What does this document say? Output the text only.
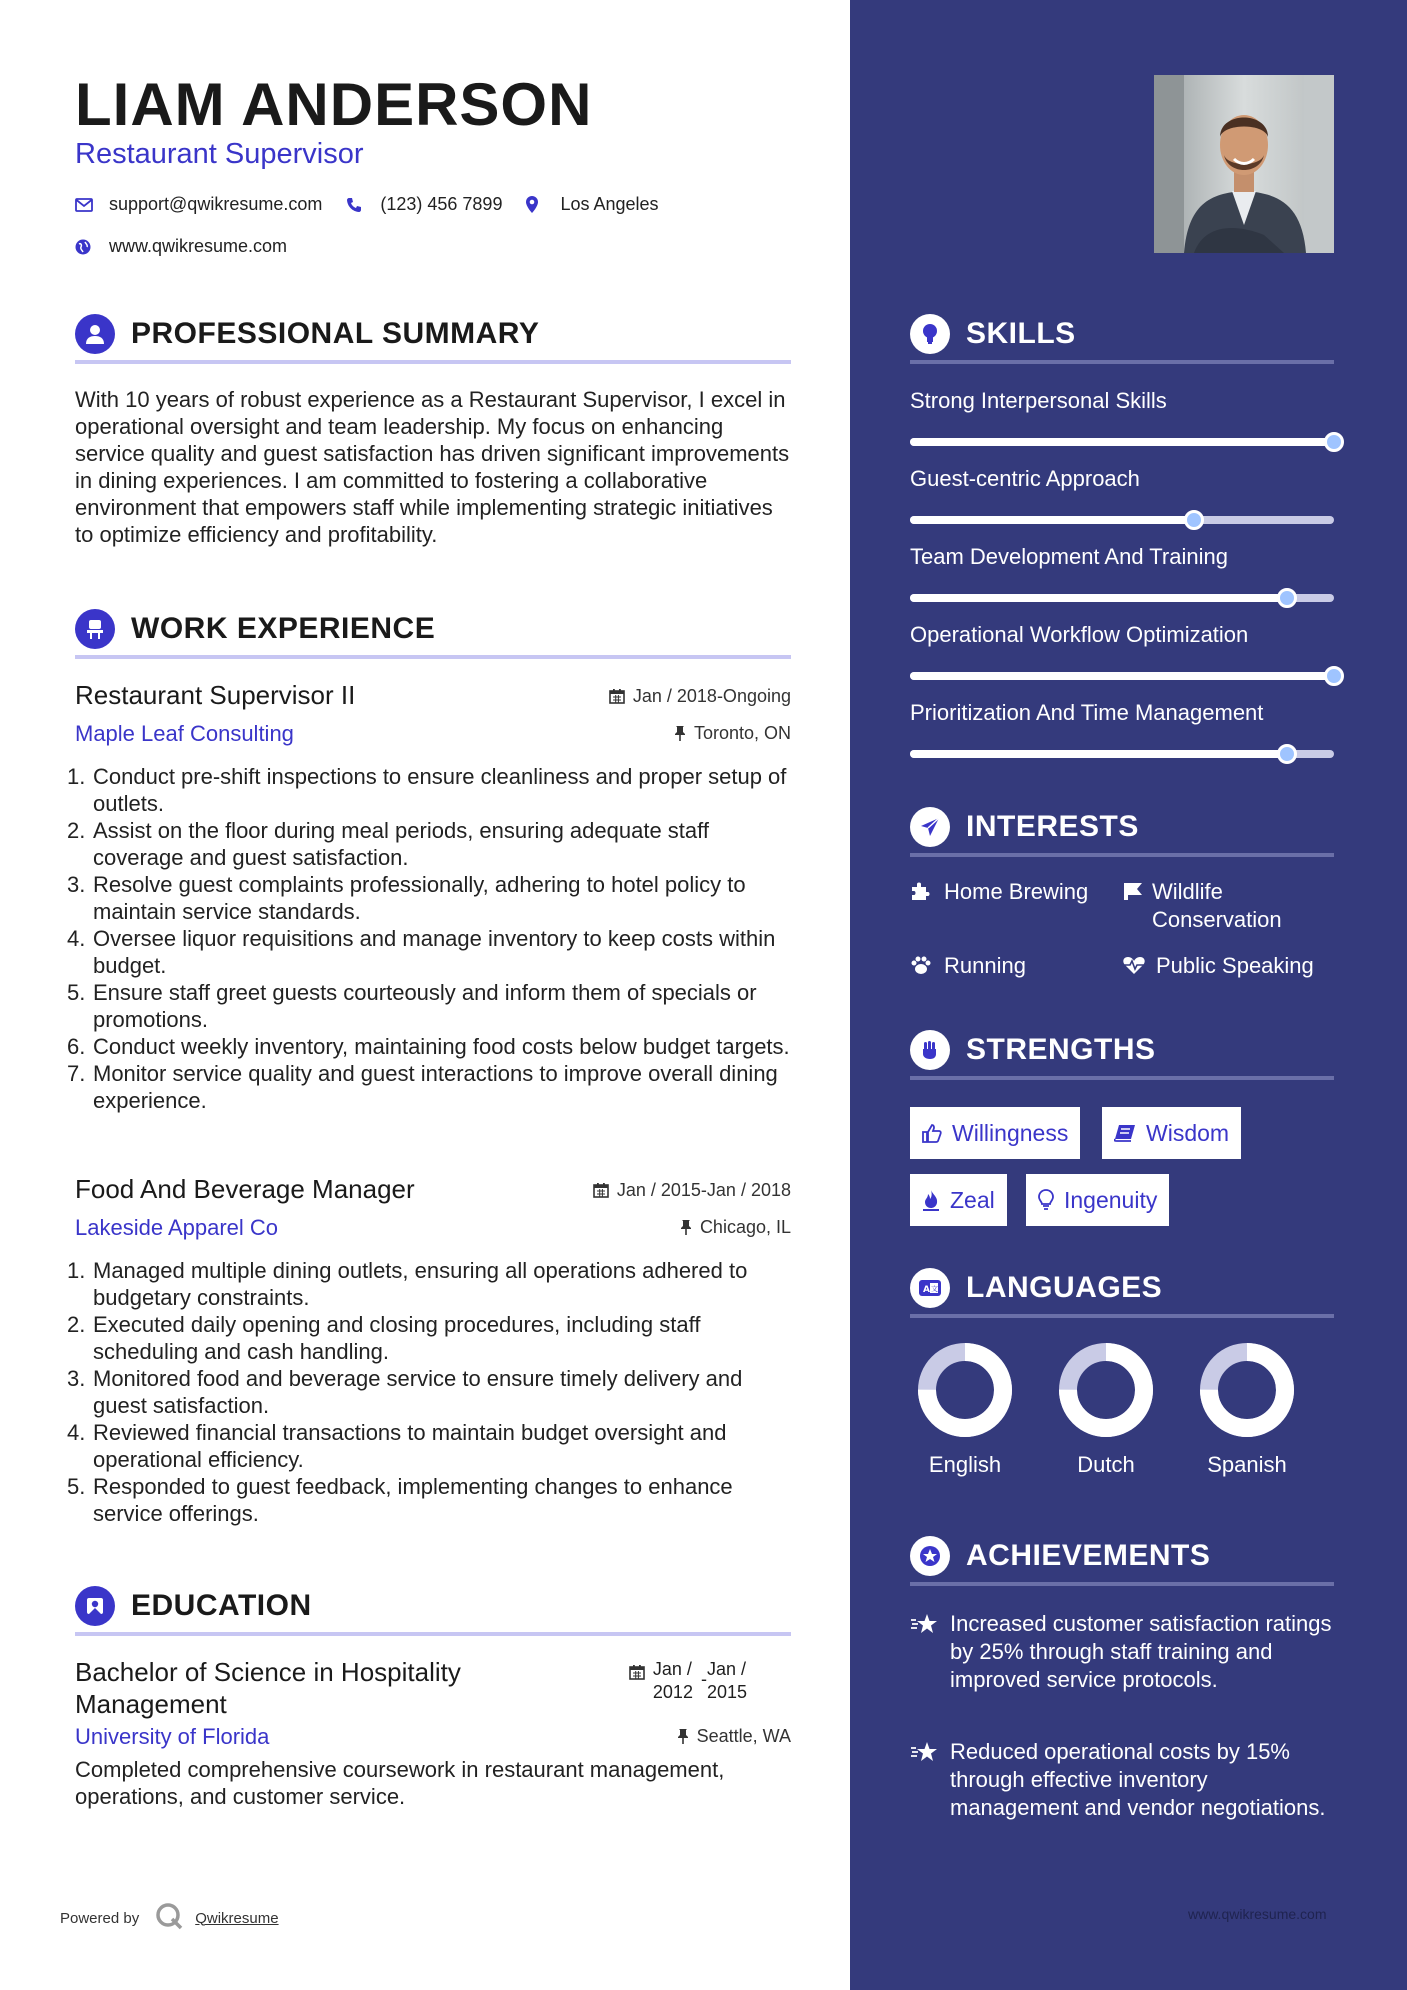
LIAM ANDERSON
Restaurant Supervisor
support@qwikresume.com	(123) 456 7899	Los Angeles
www.qwikresume.com
PROFESSIONAL SUMMARY
With 10 years of robust experience as a Restaurant Supervisor, I excel in operational oversight and team leadership. My focus on enhancing service quality and guest satisfaction has driven significant improvements in dining experiences. I am committed to fostering a collaborative environment that empowers staff while implementing strategic initiatives to optimize efficiency and profitability.
WORK EXPERIENCE
Restaurant Supervisor II	Jan / 2018-Ongoing
Maple Leaf Consulting	Toronto, ON
1. Conduct pre-shift inspections to ensure cleanliness and proper setup of outlets.
2. Assist on the floor during meal periods, ensuring adequate staff coverage and guest satisfaction.
3. Resolve guest complaints professionally, adhering to hotel policy to maintain service standards.
4. Oversee liquor requisitions and manage inventory to keep costs within budget.
5. Ensure staff greet guests courteously and inform them of specials or promotions.
6. Conduct weekly inventory, maintaining food costs below budget targets.
7. Monitor service quality and guest interactions to improve overall dining experience.
Food And Beverage Manager	Jan / 2015-Jan / 2018
Lakeside Apparel Co	Chicago, IL
1. Managed multiple dining outlets, ensuring all operations adhered to budgetary constraints.
2. Executed daily opening and closing procedures, including staff scheduling and cash handling.
3. Monitored food and beverage service to ensure timely delivery and guest satisfaction.
4. Reviewed financial transactions to maintain budget oversight and operational efficiency.
5. Responded to guest feedback, implementing changes to enhance service offerings.
EDUCATION
Bachelor of Science in Hospitality
Management
Jan /
2012
- Jan /
2015
University of Florida	Seattle, WA
Completed comprehensive coursework in restaurant management, operations, and customer service.
Powered by	Qwikresume
SKILLS
Strong Interpersonal Skills
Guest-centric Approach
Team Development And Training
Operational Workflow Optimization
Prioritization And Time Management
INTERESTS
Home Brewing	Wildlife Conservation
Running	Public Speaking
STRENGTHS
Willingness	Wisdom
Zeal	Ingenuity
A 文 LANGUAGES
English	Dutch	Spanish
ACHIEVEMENTS
Increased customer satisfaction ratings by 25% through staff training and improved service protocols.
Reduced operational costs by 15% through effective inventory management and vendor negotiations.
www.qwikresume.com
